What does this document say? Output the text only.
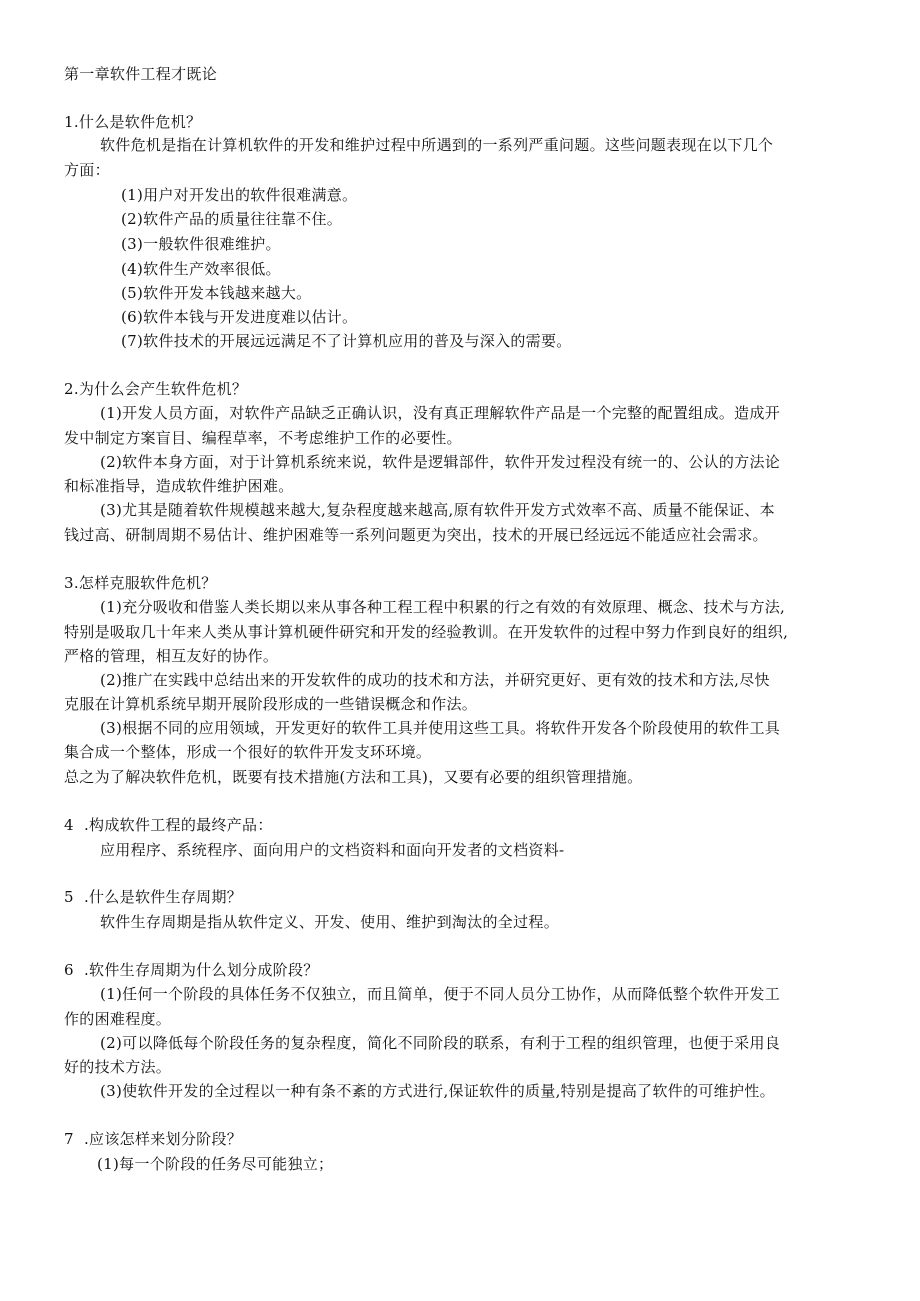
第一章软件工程才既论
1.什么是软件危机？
软件危机是指在计算机软件的开发和维护过程中所遇到的一系列严重问题。这些问题表现在以下几个
方面：
(1)用户对开发出的软件很难满意。
(2)软件产品的质量往往靠不住。
(3)一般软件很难维护。
(4)软件生产效率很低。
(5)软件开发本钱越来越大。
(6)软件本钱与开发进度难以估计。
(7)软件技术的开展远远满足不了计算机应用的普及与深入的需要。
2.为什么会产生软件危机？
(1)开发人员方面，对软件产品缺乏正确认识，没有真正理解软件产品是一个完整的配置组成。造成开
发中制定方案盲目、编程草率，不考虑维护工作的必要性。
(2)软件本身方面，对于计算机系统来说，软件是逻辑部件，软件开发过程没有统一的、公认的方法论
和标准指导，造成软件维护困难。
(3)尤其是随着软件规模越来越大,复杂程度越来越高,原有软件开发方式效率不高、质量不能保证、本
钱过高、研制周期不易估计、维护困难等一系列问题更为突出，技术的开展已经远远不能适应社会需求。
3.怎样克服软件危机？
(1)充分吸收和借鉴人类长期以来从事各种工程工程中积累的行之有效的有效原理、概念、技术与方法,
特别是吸取几十年来人类从事计算机硬件研究和开发的经验教训。在开发软件的过程中努力作到良好的组织,
严格的管理，相互友好的协作。
(2)推广在实践中总结出来的开发软件的成功的技术和方法，并研究更好、更有效的技术和方法,尽快
克服在计算机系统早期开展阶段形成的一些错误概念和作法。
(3)根据不同的应用领域，开发更好的软件工具并使用这些工具。将软件开发各个阶段使用的软件工具
集合成一个整体，形成一个很好的软件开发支环环境。
总之为了解决软件危机，既要有技术措施(方法和工具)，又要有必要的组织管理措施。
4  .构成软件工程的最终产品：
应用程序、系统程序、面向用户的文档资料和面向开发者的文档资料-
5  .什么是软件生存周期？
软件生存周期是指从软件定义、开发、使用、维护到淘汰的全过程。
6  .软件生存周期为什么划分成阶段？
(1)任何一个阶段的具体任务不仅独立，而且简单，便于不同人员分工协作，从而降低整个软件开发工
作的困难程度。
(2)可以降低每个阶段任务的复杂程度，简化不同阶段的联系，有利于工程的组织管理，也便于采用良
好的技术方法。
(3)使软件开发的全过程以一种有条不紊的方式进行,保证软件的质量,特别是提高了软件的可维护性。
7  .应该怎样来划分阶段？
(1)每一个阶段的任务尽可能独立；
